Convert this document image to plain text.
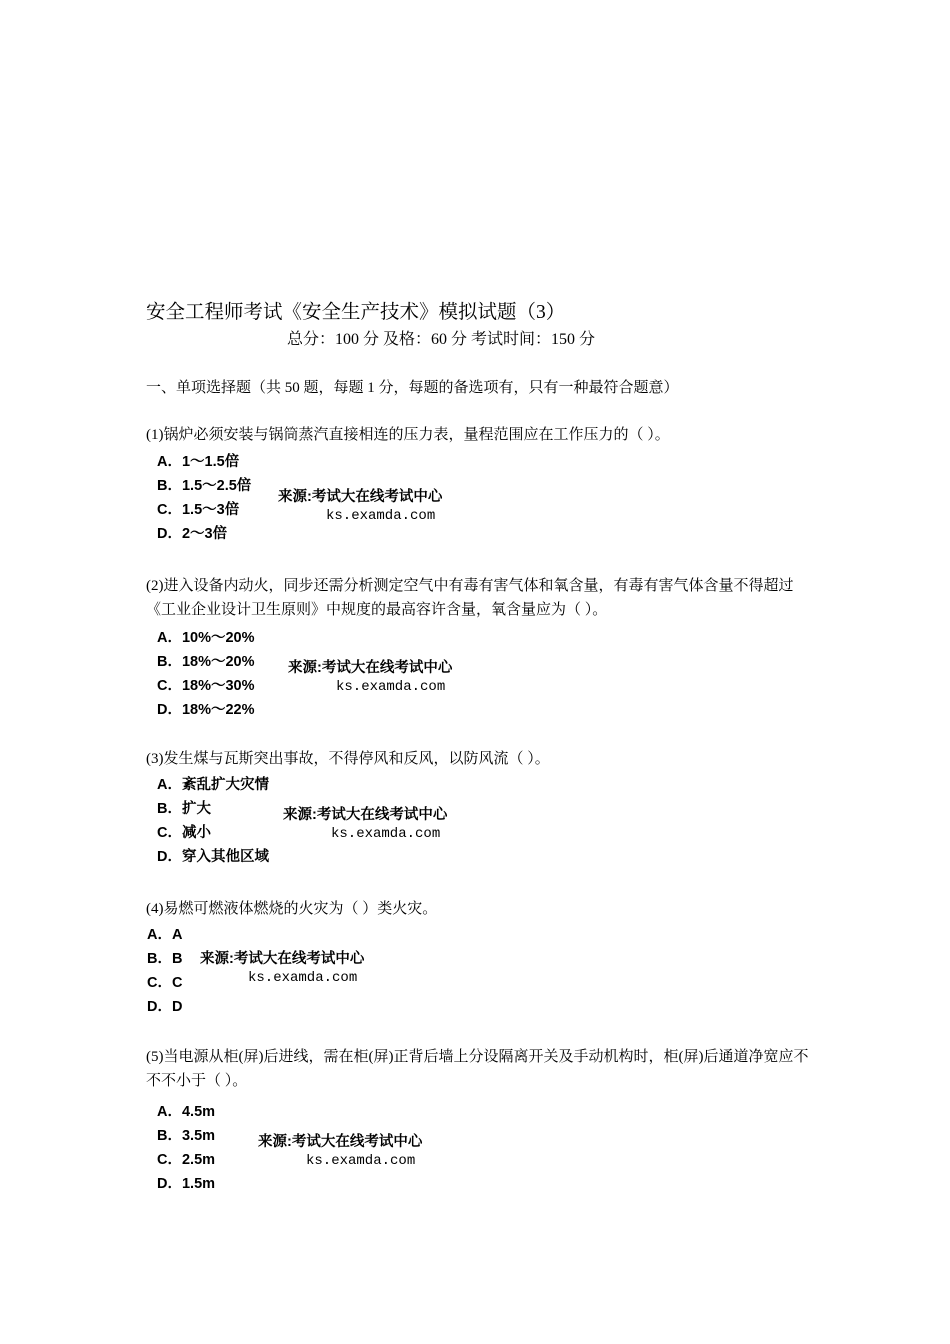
安全工程师考试《安全生产技术》模拟试题（3）
总分：100 分 及格：60 分 考试时间：150 分
一、单项选择题（共 50 题，每题 1 分，每题的备选项有，只有一种最符合题意）
(1)锅炉必须安装与锅筒蒸汽直接相连的压力表，量程范围应在工作压力的（ ）。
A．1～1.5倍
B．1.5～2.5倍
C．1.5～3倍
D．2～3倍
来源:考试大在线考试中心
ks.examda.com
(2)进入设备内动火，同步还需分析测定空气中有毒有害气体和氧含量，有毒有害气体含量不得超过《工业企业设计卫生原则》中规度的最高容许含量，氧含量应为（ ）。
A．10%～20%
B．18%～20%
C．18%～30%
D．18%～22%
来源:考试大在线考试中心
ks.examda.com
(3)发生煤与瓦斯突出事故，不得停风和反风，以防风流（ ）。
A．紊乱扩大灾情
B．扩大
C．减小
D．穿入其他区域
来源:考试大在线考试中心
ks.examda.com
(4)易燃可燃液体燃烧的火灾为（ ）类火灾。
A．A
B．B
C．C
D．D
来源:考试大在线考试中心
ks.examda.com
(5)当电源从柜(屏)后进线，需在柜(屏)正背后墙上分设隔离开关及手动机构时，柜(屏)后通道净宽应不不不小于（ ）。
A．4.5m
B．3.5m
C．2.5m
D．1.5m
来源:考试大在线考试中心
ks.examda.com
